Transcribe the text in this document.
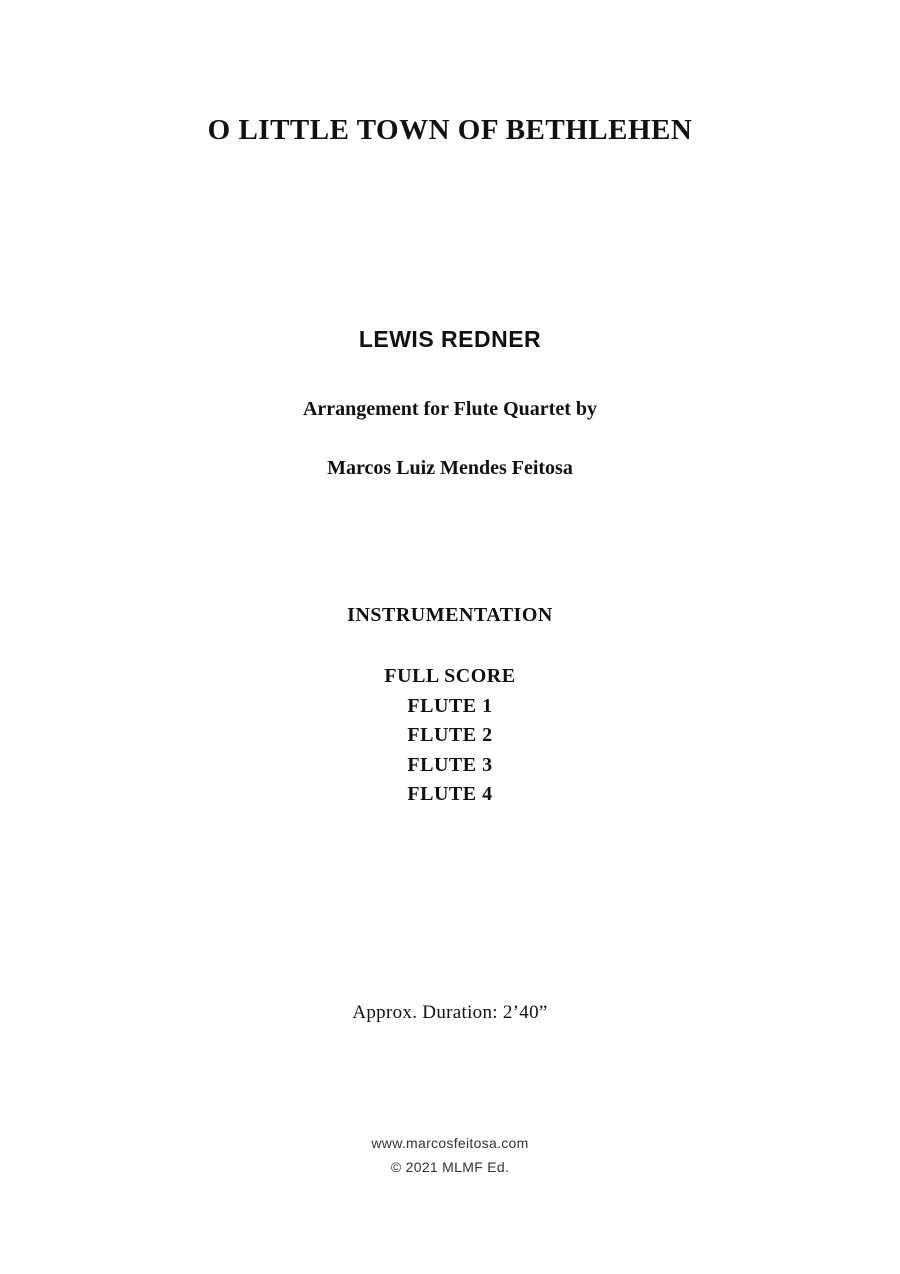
O LITTLE TOWN OF BETHLEHEN
LEWIS REDNER
Arrangement for Flute Quartet by
Marcos Luiz Mendes Feitosa
INSTRUMENTATION
FULL SCORE
FLUTE 1
FLUTE 2
FLUTE 3
FLUTE 4
Approx. Duration: 2’40”
www.marcosfeitosa.com
© 2021 MLMF Ed.
